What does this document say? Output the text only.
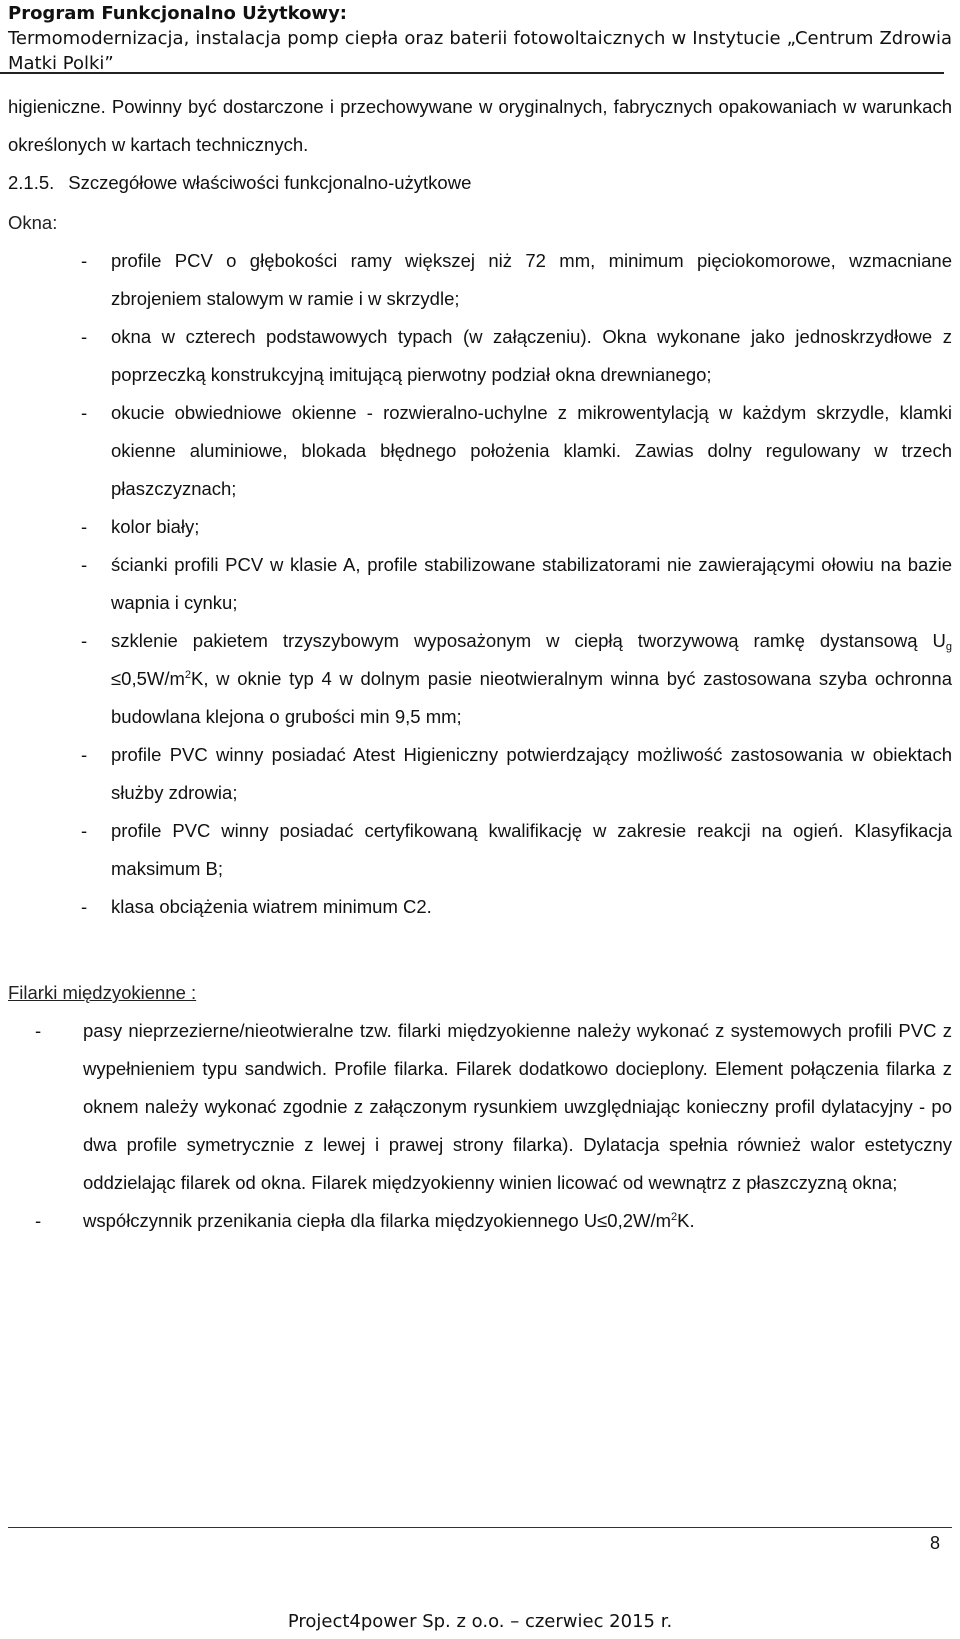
Program Funkcjonalno Użytkowy:
Termomodernizacja, instalacja pomp ciepła oraz baterii fotowoltaicznych w Instytucie „Centrum Zdrowia Matki Polki”

higieniczne. Powinny być dostarczone i przechowywane w oryginalnych, fabrycznych opakowaniach w warunkach określonych w kartach technicznych.

2.1.5. Szczegółowe właściwości funkcjonalno-użytkowe
Okna:
- profile PCV o głębokości ramy większej niż 72 mm, minimum pięciokomorowe, wzmacniane zbrojeniem stalowym w ramie i w skrzydle;
- okna w czterech podstawowych typach (w załączeniu). Okna wykonane jako jednoskrzydłowe z poprzeczką konstrukcyjną imitującą pierwotny podział okna drewnianego;
- okucie obwiedniowe okienne - rozwieralno-uchylne z mikrowentylacją w każdym skrzydle, klamki okienne aluminiowe, blokada błędnego położenia klamki. Zawias dolny regulowany w trzech płaszczyznach;
- kolor biały;
- ścianki profili PCV w klasie A, profile stabilizowane stabilizatorami nie zawierającymi ołowiu na bazie wapnia i cynku;
- szklenie pakietem trzyszybowym wyposażonym w ciepłą tworzywową ramkę dystansową $U_g \le 0,5W/m^2K$, w oknie typ 4 w dolnym pasie nieotwieralnym winna być zastosowana szyba ochronna budowlana klejona o grubości min 9,5 mm;
- profile PVC winny posiadać Atest Higieniczny potwierdzający możliwość zastosowania w obiektach służby zdrowia;
- profile PVC winny posiadać certyfikowaną kwalifikację w zakresie reakcji na ogień. Klasyfikacja maksimum B;
- klasa obciążenia wiatrem minimum C2.
Filarki międzyokienne :
- pasy nieprzezierne/nieotwieralne tzw. filarki międzyokienne należy wykonać z systemowych profili PVC z wypełnieniem typu sandwich. Profile filarka. Filarek dodatkowo docieplony. Element połączenia filarka z oknem należy wykonać zgodnie z załączonym rysunkiem uwzględniając konieczny profil dylatacyjny - po dwa profile symetrycznie z lewej i prawej strony filarka). Dylatacja spełnia również walor estetyczny oddzielając filarek od okna. Filarek międzyokienny winien licować od wewnątrz z płaszczyzną okna;
- współczynnik przenikania ciepła dla filarka międzyokiennego $U\le 0,2W/m^2K$.
8
Project4power Sp. z o.o. – czerwiec 2015 r.
